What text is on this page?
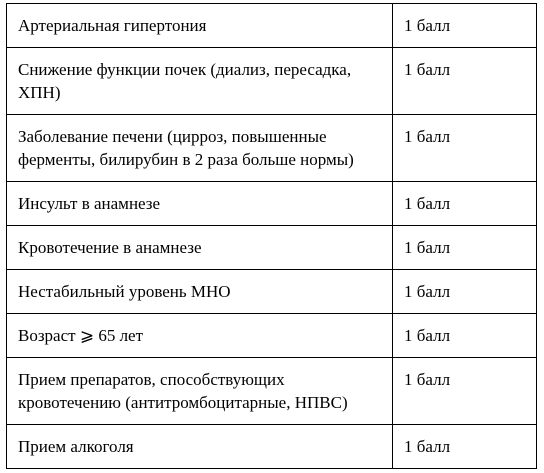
Артериальная гипертония	1 балл
Снижение функции почек (диализ, пересадка, ХПН)	1 балл
Заболевание печени (цирроз, повышенные ферменты, билирубин в 2 раза больше нормы)	1 балл
Инсульт в анамнезе	1 балл
Кровотечение в анамнезе	1 балл
Нестабильный уровень МНО	1 балл
Возраст ⩾ 65 лет	1 балл
Прием препаратов, способствующих кровотечению (антитромбоцитарные, НПВС)	1 балл
Прием алкоголя	1 балл
